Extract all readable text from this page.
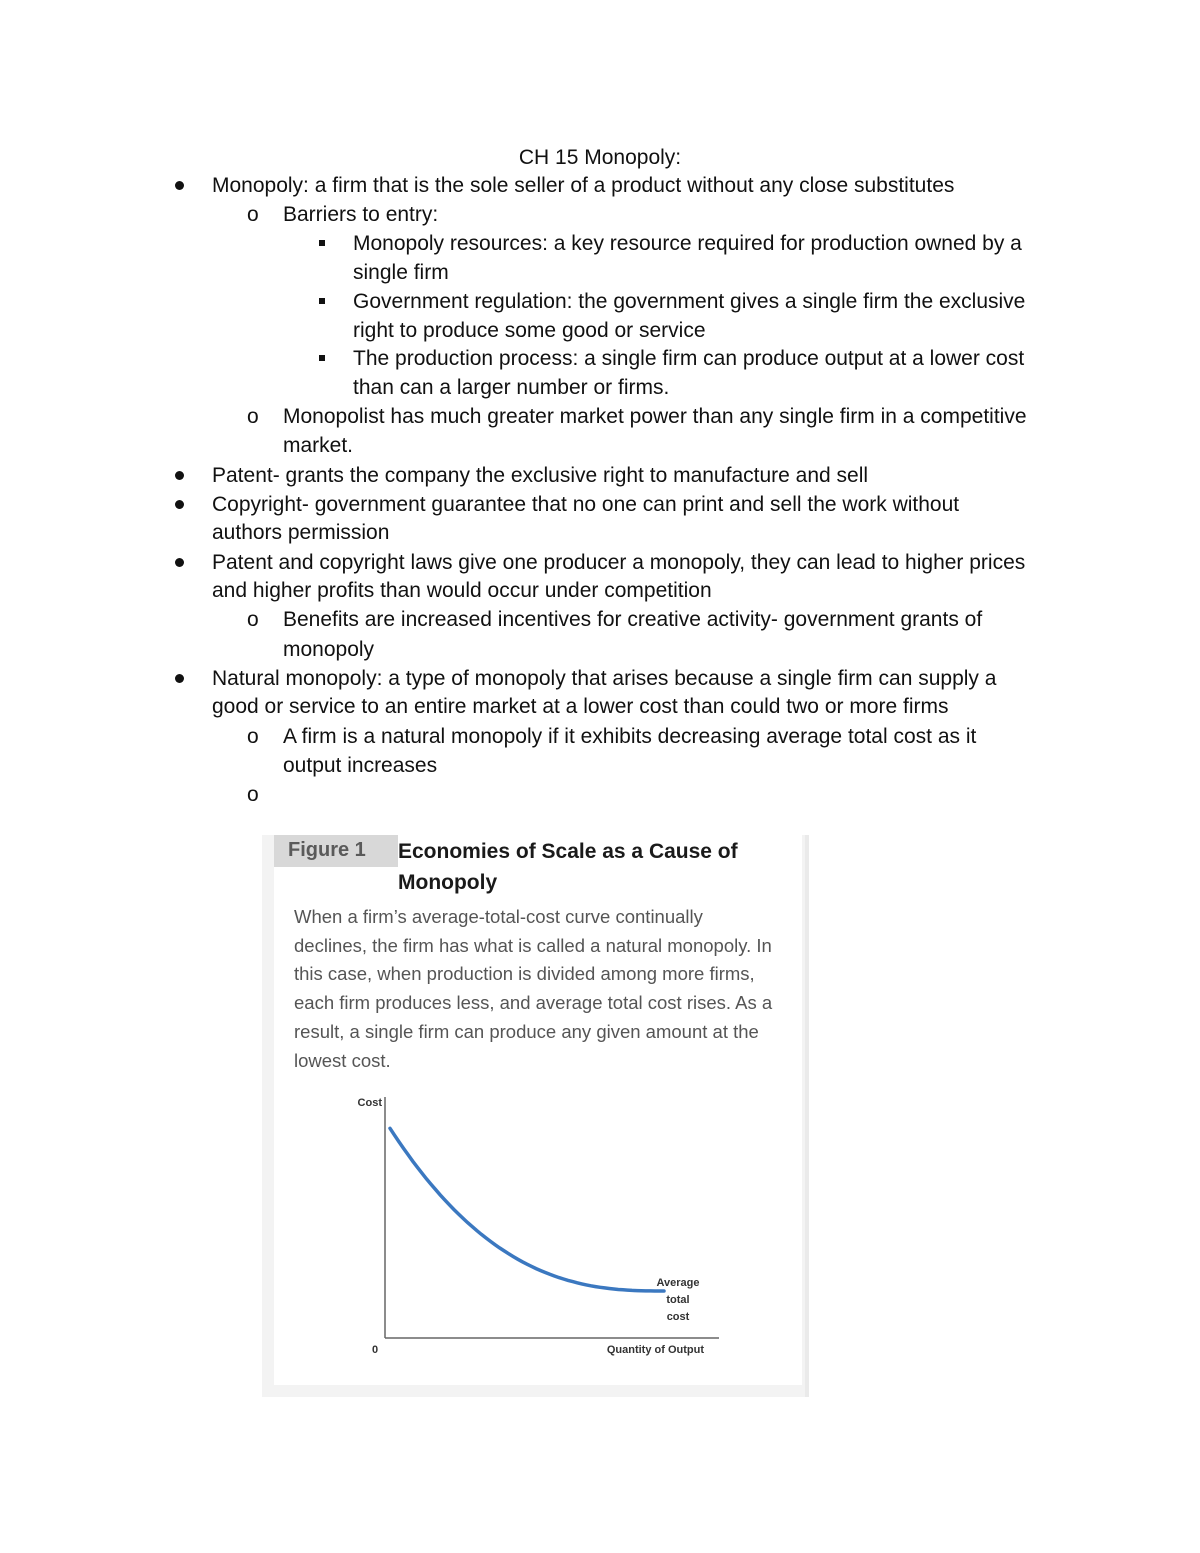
CH 15 Monopoly:
Monopoly: a firm that is the sole seller of a product without any close substitutes
o Barriers to entry:
Monopoly resources: a key resource required for production owned by a
single firm
Government regulation: the government gives a single firm the exclusive
right to produce some good or service
The production process: a single firm can produce output at a lower cost
than can a larger number or firms.
o Monopolist has much greater market power than any single firm in a competitive
market.
Patent- grants the company the exclusive right to manufacture and sell
Copyright- government guarantee that no one can print and sell the work without
authors permission
Patent and copyright laws give one producer a monopoly, they can lead to higher prices
and higher profits than would occur under competition
o Benefits are increased incentives for creative activity- government grants of
monopoly
Natural monopoly: a type of monopoly that arises because a single firm can supply a
good or service to an entire market at a lower cost than could two or more firms
o A firm is a natural monopoly if it exhibits decreasing average total cost as it
output increases
o
Figure 1	Economies of Scale as a Cause of Monopoly
When a firm’s average-total-cost curve continually
declines, the firm has what is called a natural monopoly. In
this case, when production is divided among more firms,
each firm produces less, and average total cost rises. As a
result, a single firm can produce any given amount at the
lowest cost.
Cost
0	Quantity of Output
Average
total
cost
